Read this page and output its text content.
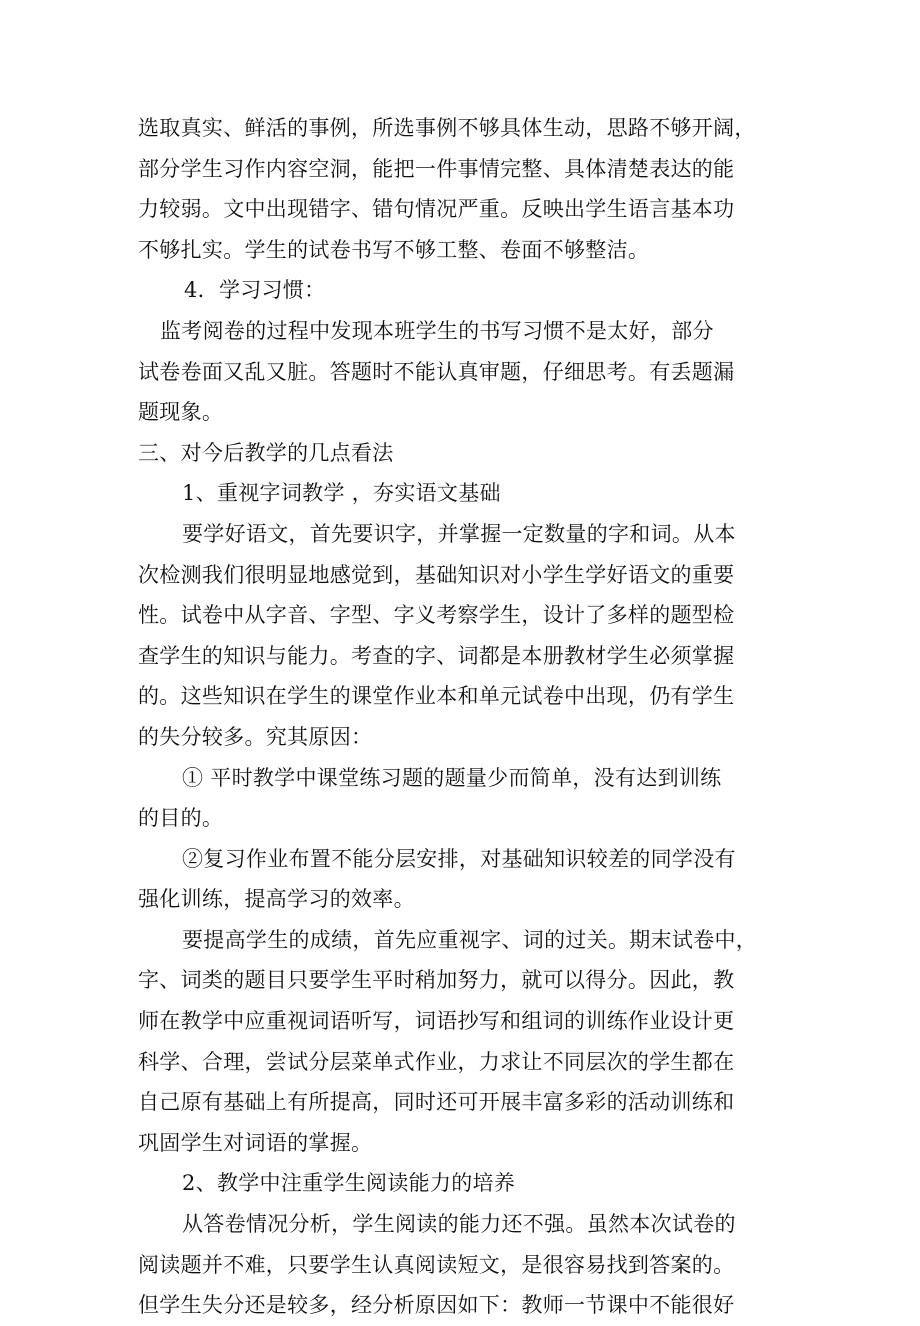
选取真实、鲜活的事例，所选事例不够具体生动，思路不够开阔，
部分学生习作内容空洞，能把一件事情完整、具体清楚表达的能
力较弱。文中出现错字、错句情况严重。反映出学生语言基本功
不够扎实。学生的试卷书写不够工整、卷面不够整洁。
4．学习习惯：
监考阅卷的过程中发现本班学生的书写习惯不是太好，部分
试卷卷面又乱又脏。答题时不能认真审题，仔细思考。有丢题漏
题现象。
三、对今后教学的几点看法
1、重视字词教学 ，夯实语文基础
要学好语文，首先要识字，并掌握一定数量的字和词。从本
次检测我们很明显地感觉到，基础知识对小学生学好语文的重要
性。试卷中从字音、字型、字义考察学生，设计了多样的题型检
查学生的知识与能力。考查的字、词都是本册教材学生必须掌握
的。这些知识在学生的课堂作业本和单元试卷中出现，仍有学生
的失分较多。究其原因：
① 平时教学中课堂练习题的题量少而简单，没有达到训练
的目的。
②复习作业布置不能分层安排，对基础知识较差的同学没有
强化训练，提高学习的效率。
要提高学生的成绩，首先应重视字、词的过关。期末试卷中，
字、词类的题目只要学生平时稍加努力，就可以得分。因此，教
师在教学中应重视词语听写，词语抄写和组词的训练作业设计更
科学、合理，尝试分层菜单式作业，力求让不同层次的学生都在
自己原有基础上有所提高，同时还可开展丰富多彩的活动训练和
巩固学生对词语的掌握。
2、教学中注重学生阅读能力的培养
从答卷情况分析，学生阅读的能力还不强。虽然本次试卷的
阅读题并不难，只要学生认真阅读短文，是很容易找到答案的。
但学生失分还是较多，经分析原因如下：教师一节课中不能很好
